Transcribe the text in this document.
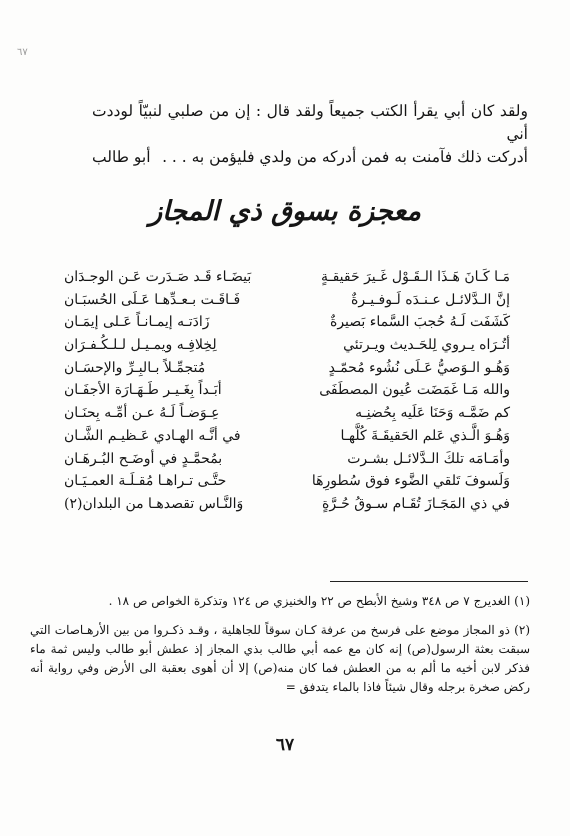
٦٧

ولقد كان أبي يقرأ الكتب جميعاً ولقد قال : إن من صلبي لنبيّاً لوددت أني

أدركت ذلك فآمنت به فمن أدركه من ولدي فليؤمن به . . .
أبو طالب

معجزة بسوق ذي المجاز
مَـا كَـانَ هَـذَا الـقَـوْل غَـيرَ حَقيقـةٍ
بَيضَـاء قَـد صَـدَرت عَـن الوجـدَان
إنَّ الـدَّلائـل عـنـدَه لَـوفـيـرةٌ
فَـاقَـت بـعـدِّهـا عَـلَى الحُسبَـان
كَشَفَت لَـهُ حُجبَ السَّماء بَصيرةٌ
زَادَتـه إيمـانـاً عَـلى إيمَـان
أتُـرَاه يـروي لِلحَـديث ويـرتئي
لِخِلافِـه ويمـيـل لـلـكُـفـرَان
وَهُـو الـوَصيُّ عَـلَى نُشُوء مُحمّـدٍ
مُتجمِّـلاً بـالبِـرِّ والإحسَـان
والله مَـا غَمَضَت عُيون المصطَفَى
أبَـداً بِغَـيـر طَـهَـارَة الأجفَـان
كم ضَمَّـه وَحَنَا عَلَيه بِحُضنِـه
عِـوَضـاً لَـهُ عـن أمِّـه بِحنَـان
وَهُـوَ الَّـذي عَلم الحَقيقَـةَ كُلَّهـا
في أنَّـه الهـادي عَـظيـم الشَّـان
وأمَـامَه تلكَ الـدَّلائـل بشـرت
بمُحمَّـدٍ في أوضَـح البُـرهَـان
وَلَسوفَ تَلقي الضَّوء فوق سُطورِهَا
حتَّـى تـراهـا مُقـلَـة العمـيَـان
في ذي المَجَـازَ تُقَـام سـوقُ حُـرَّةٍ
وَالنَّـاس تقصدهـا من البلدان(٢)

(١) الغديرج ٧ ص ٣٤٨ وشيخ الأبطح ص ٢٢ والخنيزي ص ١٢٤ وتذكرة الخواص ص ١٨ .

(٢) ذو المجاز موضع على فرسخ من عرفة كـان سوقاً للجاهلية ، وقـد ذكـروا من بين الأرهـاصات التي سبقت بعثة الرسول(ص) إنه كان مع عمه أبي طالب بذي المجاز إذ عطش أبو طالب وليس ثمة ماء فذكر لابن أخيه ما ألم به من العطش فما كان منه(ص) إلا أن أهوى بعقبة الى الأرض وفي رواية أنه ركض صخرة برجله وقال شيئاً فاذا بالماء يتدفق =

٦٧
